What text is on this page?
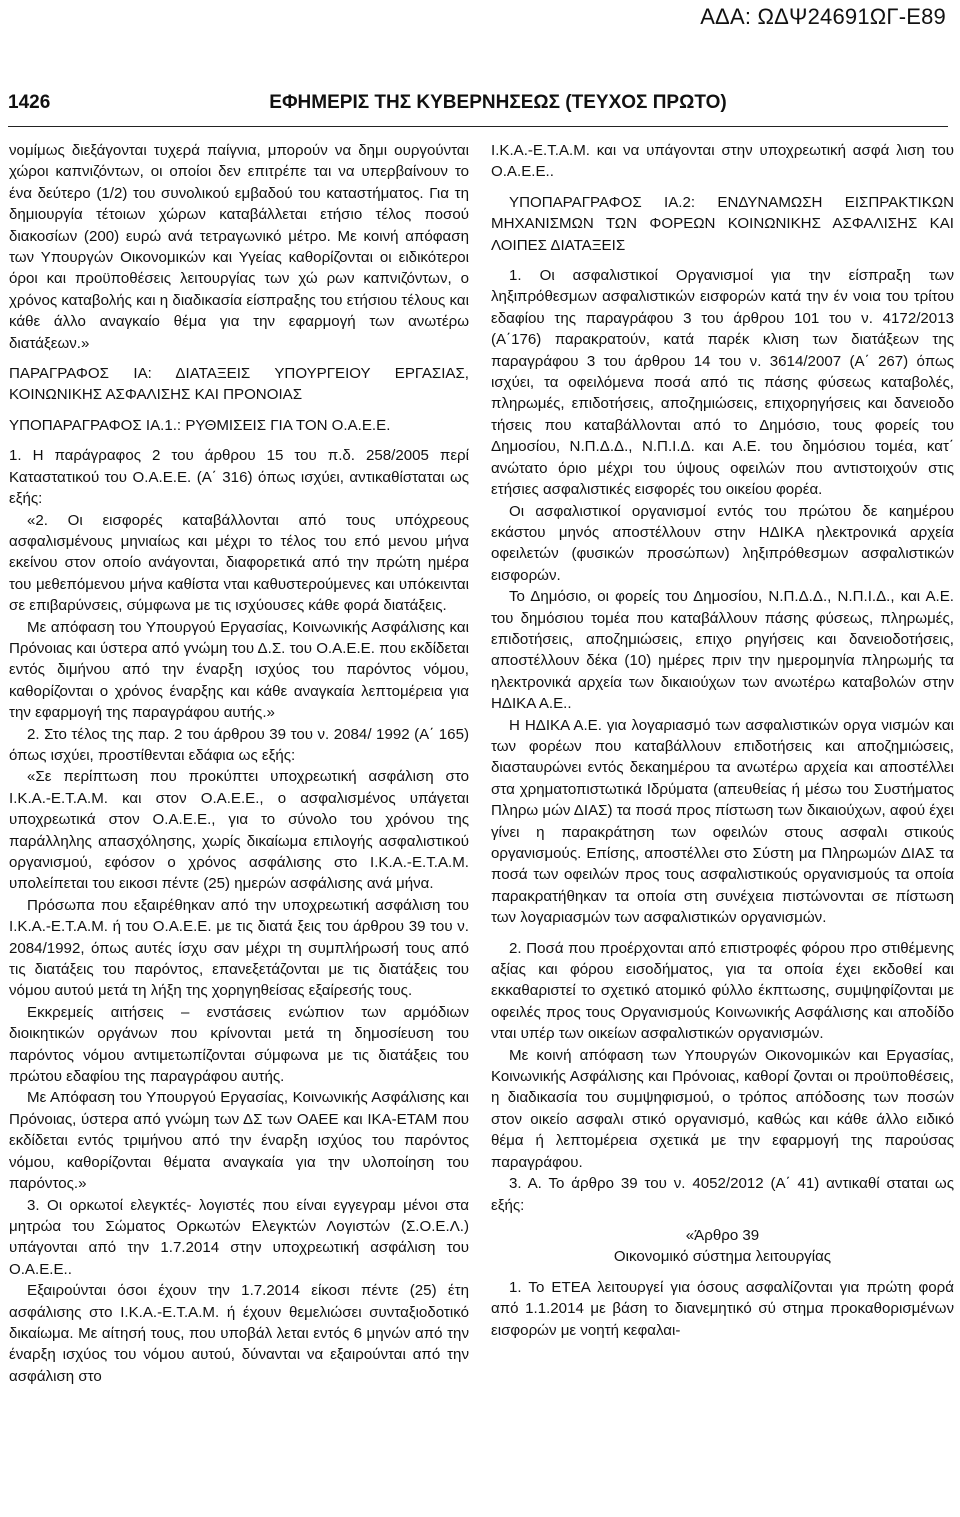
ΑΔΑ: ΩΔΨ24691ΩΓ-Ε89
1426	ΕΦΗΜΕΡΙΣ ΤΗΣ ΚΥΒΕΡΝΗΣΕΩΣ (ΤΕΥΧΟΣ ΠΡΩΤΟ)

νομίμως διεξάγονται τυχερά παίγνια, μπορούν να δημι ουργούνται χώροι καπνιζόντων, οι οποίοι δεν επιτρέπε ται να υπερβαίνουν το ένα δεύτερο (1/2) του συνολικού εμβαδού του καταστήματος. Για τη δημιουργία τέτοιων χώρων καταβάλλεται ετήσιο τέλος ποσού διακοσίων (200) ευρώ ανά τετραγωνικό μέτρο. Με κοινή απόφαση των Υπουργών Οικονομικών και Υγείας καθορίζονται οι ειδικότεροι όροι και προϋποθέσεις λειτουργίας των χώ ρων καπνιζόντων, ο χρόνος καταβολής και η διαδικασία είσπραξης του ετήσιου τέλους και κάθε άλλο αναγκαίο θέμα για την εφαρμογή των ανωτέρω διατάξεων.»

ΠΑΡΑΓΡΑΦΟΣ ΙΑ: ΔΙΑΤΑΞΕΙΣ ΥΠΟΥΡΓΕΙΟΥ ΕΡΓΑΣΙΑΣ, ΚΟΙΝΩΝΙΚΗΣ ΑΣΦΑΛΙΣΗΣ ΚΑΙ ΠΡΟΝΟΙΑΣ

ΥΠΟΠΑΡΑΓΡΑΦΟΣ ΙΑ.1.: ΡΥΘΜΙΣΕΙΣ ΓΙΑ ΤΟΝ Ο.Α.Ε.Ε.

1. Η παράγραφος 2 του άρθρου 15 του π.δ. 258/2005 περί Καταστατικού του Ο.Α.Ε.Ε. (Α΄ 316) όπως ισχύει, αντικαθίσταται ως εξής:

«2. Οι εισφορές καταβάλλονται από τους υπόχρεους ασφαλισμένους μηνιαίως και μέχρι το τέλος του επό μενου μήνα εκείνου στον οποίο ανάγονται, διαφορετικά από την πρώτη ημέρα του μεθεπόμενου μήνα καθίστα νται καθυστερούμενες και υπόκεινται σε επιβαρύνσεις, σύμφωνα με τις ισχύουσες κάθε φορά διατάξεις.

Με απόφαση του Υπουργού Εργασίας, Κοινωνικής Ασφάλισης και Πρόνοιας και ύστερα από γνώμη του Δ.Σ. του Ο.Α.Ε.Ε. που εκδίδεται εντός διμήνου από την έναρξη ισχύος του παρόντος νόμου, καθορίζονται ο χρόνος έναρξης και κάθε αναγκαία λεπτομέρεια για την εφαρμογή της παραγράφου αυτής.»

2. Στο τέλος της παρ. 2 του άρθρου 39 του ν. 2084/ 1992 (Α΄ 165) όπως ισχύει, προστίθενται εδάφια ως εξής:

«Σε περίπτωση που προκύπτει υποχρεωτική ασφάλιση στο Ι.Κ.Α.-Ε.Τ.Α.Μ. και στον Ο.Α.Ε.Ε., ο ασφαλισμένος υπάγεται υποχρεωτικά στον Ο.Α.Ε.Ε., για το σύνολο του χρόνου της παράλληλης απασχόλησης, χωρίς δικαίωμα επιλογής ασφαλιστικού οργανισμού, εφόσον ο χρόνος ασφάλισης στο Ι.Κ.Α.-Ε.Τ.Α.Μ. υπολείπεται του εικοσι πέντε (25) ημερών ασφάλισης ανά μήνα.

Πρόσωπα που εξαιρέθηκαν από την υποχρεωτική ασφάλιση του Ι.Κ.Α.-Ε.Τ.Α.Μ. ή του Ο.Α.Ε.Ε. με τις διατά ξεις του άρθρου 39 του ν. 2084/1992, όπως αυτές ίσχυ σαν μέχρι τη συμπλήρωσή τους από τις διατάξεις του παρόντος, επανεξετάζονται με τις διατάξεις του νόμου αυτού μετά τη λήξη της χορηγηθείσας εξαίρεσής τους.

Εκκρεμείς αιτήσεις – ενστάσεις ενώπιον των αρμόδιων διοικητικών οργάνων που κρίνονται μετά τη δημοσίευση του παρόντος νόμου αντιμετωπίζονται σύμφωνα με τις διατάξεις του πρώτου εδαφίου της παραγράφου αυτής.

Με Απόφαση του Υπουργού Εργασίας, Κοινωνικής Ασφάλισης και Πρόνοιας, ύστερα από γνώμη των ΔΣ των ΟΑΕΕ και ΙΚΑ-ΕΤΑΜ που εκδίδεται εντός τριμήνου από την έναρξη ισχύος του παρόντος νόμου, καθορίζονται θέματα αναγκαία για την υλοποίηση του παρόντος.»

3. Οι ορκωτοί ελεγκτές- λογιστές που είναι εγγεγραμ μένοι στα μητρώα του Σώματος Ορκωτών Ελεγκτών Λογιστών (Σ.Ο.Ε.Λ.) υπάγονται από την 1.7.2014 στην υποχρεωτική ασφάλιση του Ο.Α.Ε.Ε..

Εξαιρούνται όσοι έχουν την 1.7.2014 είκοσι πέντε (25) έτη ασφάλισης στο Ι.Κ.Α.-Ε.Τ.Α.Μ. ή έχουν θεμελιώσει συνταξιοδοτικό δικαίωμα. Με αίτησή τους, που υποβάλ λεται εντός 6 μηνών από την έναρξη ισχύος του νόμου αυτού, δύνανται να εξαιρούνται από την ασφάλιση στο

Ι.Κ.Α.-Ε.Τ.Α.Μ. και να υπάγονται στην υποχρεωτική ασφά λιση του Ο.Α.Ε.Ε..

ΥΠΟΠΑΡΑΓΡΑΦΟΣ ΙΑ.2: ΕΝΔΥΝΑΜΩΣΗ ΕΙΣΠΡΑΚΤΙΚΩΝ ΜΗΧΑΝΙΣΜΩΝ ΤΩΝ ΦΟΡΕΩΝ ΚΟΙΝΩΝΙΚΗΣ ΑΣΦΑΛΙΣΗΣ ΚΑΙ ΛΟΙΠΕΣ ΔΙΑΤΑΞΕΙΣ

1. Οι ασφαλιστικοί Οργανισμοί για την είσπραξη των ληξιπρόθεσμων ασφαλιστικών εισφορών κατά την έν νοια του τρίτου εδαφίου της παραγράφου 3 του άρθρου 101 του ν. 4172/2013 (Α΄176) παρακρατούν, κατά παρέκ κλιση των διατάξεων της παραγράφου 3 του άρθρου 14 του ν. 3614/2007 (Α΄ 267) όπως ισχύει, τα οφειλόμενα ποσά από τις πάσης φύσεως καταβολές, πληρωμές, επιδοτήσεις, αποζημιώσεις, επιχορηγήσεις και δανειοδο τήσεις που καταβάλλονται από το Δημόσιο, τους φορείς του Δημοσίου, Ν.Π.Δ.Δ., Ν.Π.Ι.Δ. και Α.Ε. του δημόσιου τομέα, κατ΄ ανώτατο όριο μέχρι του ύψους οφειλών που αντιστοιχούν στις ετήσιες ασφαλιστικές εισφορές του οικείου φορέα.

Οι ασφαλιστικοί οργανισμοί εντός του πρώτου δε καημέρου εκάστου μηνός αποστέλλουν στην ΗΔΙΚΑ ηλεκτρονικά αρχεία οφειλετών (φυσικών προσώπων) ληξιπρόθεσμων ασφαλιστικών εισφορών.

Το Δημόσιο, οι φορείς του Δημοσίου, Ν.Π.Δ.Δ., Ν.Π.Ι.Δ., και Α.Ε. του δημόσιου τομέα που καταβάλλουν πάσης φύσεως, πληρωμές, επιδοτήσεις, αποζημιώσεις, επιχο ρηγήσεις και δανειοδοτήσεις, αποστέλλουν δέκα (10) ημέρες πριν την ημερομηνία πληρωμής τα ηλεκτρονικά αρχεία των δικαιούχων των ανωτέρω καταβολών στην ΗΔΙΚΑ Α.Ε..

Η ΗΔΙΚΑ Α.Ε. για λογαριασμό των ασφαλιστικών οργα νισμών και των φορέων που καταβάλλουν επιδοτήσεις και αποζημιώσεις, διασταυρώνει εντός δεκαημέρου τα ανωτέρω αρχεία και αποστέλλει στα χρηματοπιστωτικά Ιδρύματα (απευθείας ή μέσω του Συστήματος Πληρω μών ΔΙΑΣ) τα ποσά προς πίστωση των δικαιούχων, αφού έχει γίνει η παρακράτηση των οφειλών στους ασφαλι στικούς οργανισμούς. Επίσης, αποστέλλει στο Σύστη μα Πληρωμών ΔΙΑΣ τα ποσά των οφειλών προς τους ασφαλιστικούς οργανισμούς τα οποία παρακρατήθηκαν τα οποία στη συνέχεια πιστώνονται σε πίστωση των λογαριασμών των ασφαλιστικών οργανισμών.

2. Ποσά που προέρχονται από επιστροφές φόρου προ στιθέμενης αξίας και φόρου εισοδήματος, για τα οποία έχει εκδοθεί και εκκαθαριστεί το σχετικό ατομικό φύλλο έκπτωσης, συμψηφίζονται με οφειλές προς τους Οργανισμούς Κοινωνικής Ασφάλισης και αποδίδο νται υπέρ των οικείων ασφαλιστικών οργανισμών.

Με κοινή απόφαση των Υπουργών Οικονομικών και Εργασίας, Κοινωνικής Ασφάλισης και Πρόνοιας, καθορί ζονται οι προϋποθέσεις, η διαδικασία του συμψηφισμού, ο τρόπος απόδοσης των ποσών στον οικείο ασφαλι στικό οργανισμό, καθώς και κάθε άλλο ειδικό θέμα ή λεπτομέρεια σχετικά με την εφαρμογή της παρούσας παραγράφου.

3. Α. Το άρθρο 39 του ν. 4052/2012 (Α΄ 41) αντικαθί σταται ως εξής:

«Άρθρο 39

Οικονομικό σύστημα λειτουργίας

1. Το ΕΤΕΑ λειτουργεί για όσους ασφαλίζονται για πρώτη φορά από 1.1.2014 με βάση το διανεμητικό σύ στημα προκαθορισμένων εισφορών με νοητή κεφαλαι-
